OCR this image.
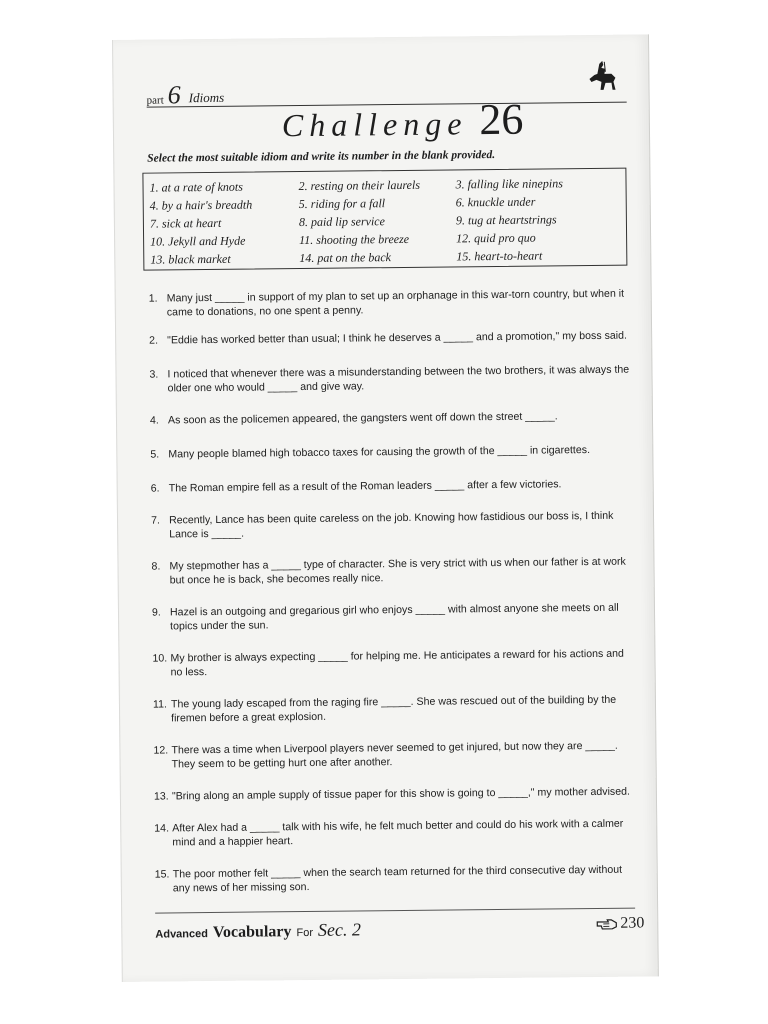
part 6 Idioms
Challenge 26
Select the most suitable idiom and write its number in the blank provided.
1. at a rate of knots
4. by a hair's breadth
7. sick at heart
10. Jekyll and Hyde
13. black market
2. resting on their laurels
5. riding for a fall
8. paid lip service
11. shooting the breeze
14. pat on the back
3. falling like ninepins
6. knuckle under
9. tug at heartstrings
12. quid pro quo
15. heart-to-heart
1. Many just _____ in support of my plan to set up an orphanage in this war-torn country, but when it came to donations, no one spent a penny.
2. "Eddie has worked better than usual; I think he deserves a _____ and a promotion," my boss said.
3. I noticed that whenever there was a misunderstanding between the two brothers, it was always the older one who would _____ and give way.
4. As soon as the policemen appeared, the gangsters went off down the street _____.
5. Many people blamed high tobacco taxes for causing the growth of the _____ in cigarettes.
6. The Roman empire fell as a result of the Roman leaders _____ after a few victories.
7. Recently, Lance has been quite careless on the job. Knowing how fastidious our boss is, I think Lance is _____.
8. My stepmother has a _____ type of character. She is very strict with us when our father is at work but once he is back, she becomes really nice.
9. Hazel is an outgoing and gregarious girl who enjoys _____ with almost anyone she meets on all topics under the sun.
10. My brother is always expecting _____ for helping me. He anticipates a reward for his actions and no less.
11. The young lady escaped from the raging fire _____. She was rescued out of the building by the firemen before a great explosion.
12. There was a time when Liverpool players never seemed to get injured, but now they are _____. They seem to be getting hurt one after another.
13. "Bring along an ample supply of tissue paper for this show is going to _____," my mother advised.
14. After Alex had a _____ talk with his wife, he felt much better and could do his work with a calmer mind and a happier heart.
15. The poor mother felt _____ when the search team returned for the third consecutive day without any news of her missing son.
Advanced Vocabulary For Sec. 2	230
